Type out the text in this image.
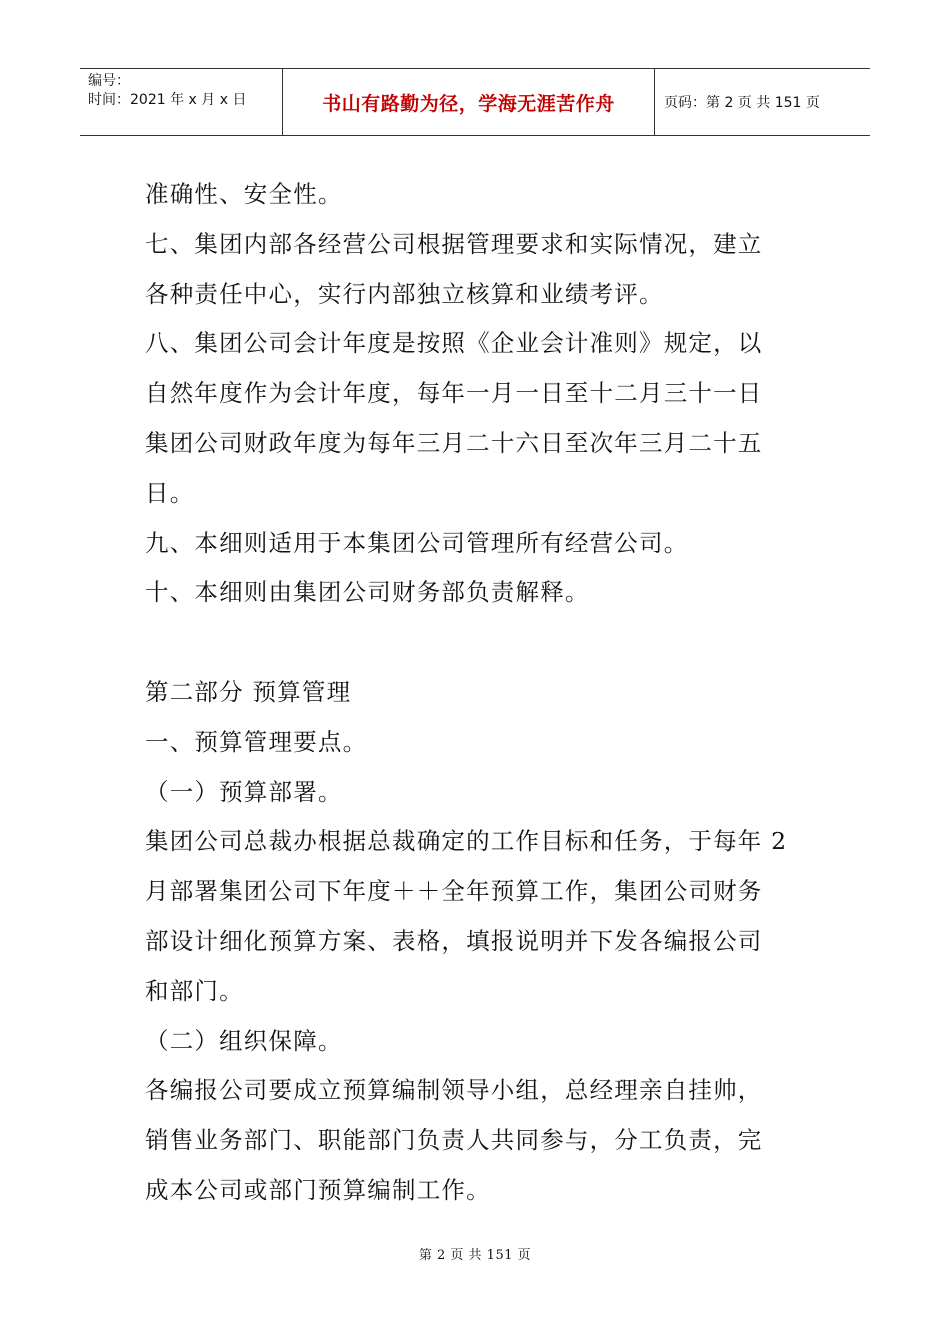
编号：
时间：2021 年 x 月 x 日	书山有路勤为径，学海无涯苦作舟	页码：第 2 页 共 151 页

准确性、安全性。

七、集团内部各经营公司根据管理要求和实际情况，建立

各种责任中心，实行内部独立核算和业绩考评。

八、集团公司会计年度是按照《企业会计准则》规定，以

自然年度作为会计年度，每年一月一日至十二月三十一日

集团公司财政年度为每年三月二十六日至次年三月二十五

日。

九、本细则适用于本集团公司管理所有经营公司。

十、本细则由集团公司财务部负责解释。

第二部分 预算管理

一、预算管理要点。

（一）预算部署。

集团公司总裁办根据总裁确定的工作目标和任务，于每年 2

月部署集团公司下年度＋＋全年预算工作，集团公司财务

部设计细化预算方案、表格，填报说明并下发各编报公司

和部门。

（二）组织保障。

各编报公司要成立预算编制领导小组，总经理亲自挂帅，

销售业务部门、职能部门负责人共同参与，分工负责，完

成本公司或部门预算编制工作。

第 2 页 共 151 页
